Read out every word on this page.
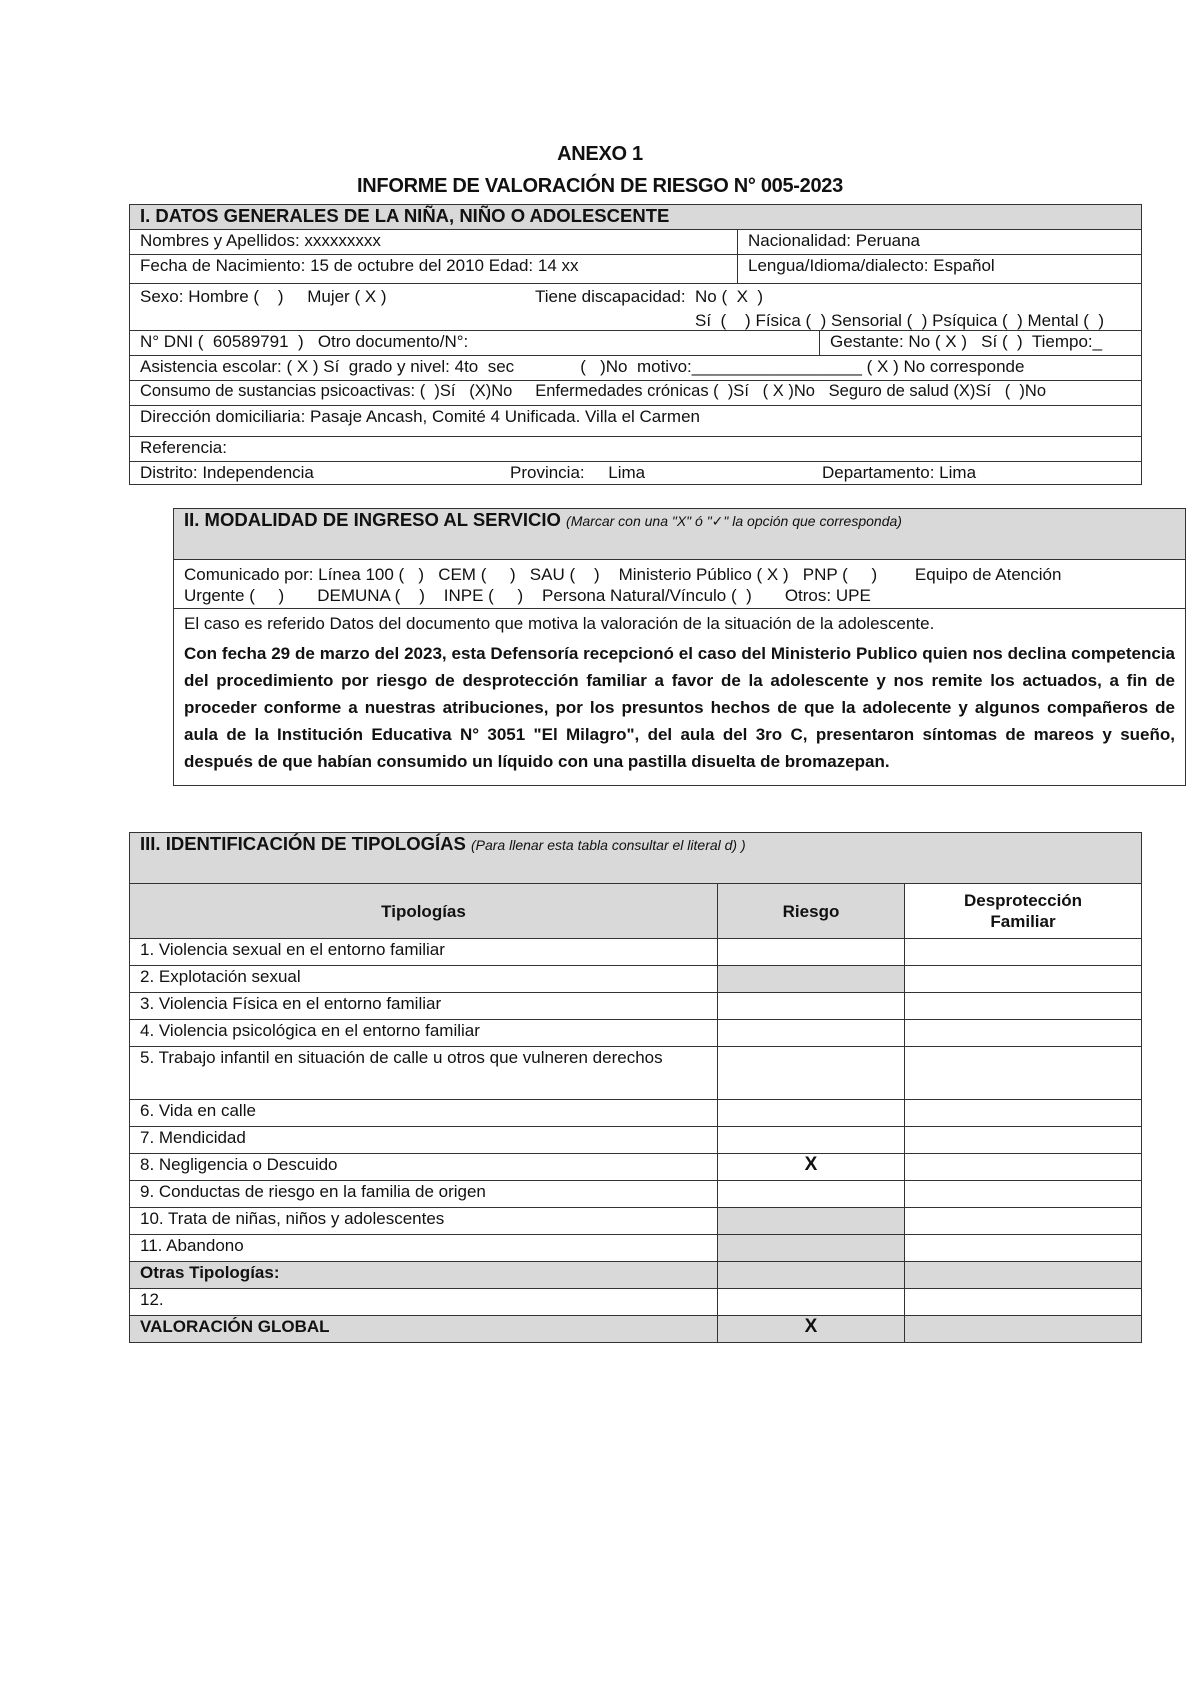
ANEXO 1
INFORME DE VALORACIÓN DE RIESGO N° 005-2023
I. DATOS GENERALES DE LA NIÑA, NIÑO O ADOLESCENTE		
Nombres y Apellidos: xxxxxxxxx	Nacionalidad: Peruana	
Fecha de Nacimiento: 15 de octubre del 2010 Edad: 14 xx	Lengua/Idioma/dialecto: Español	

Sexo: Hombre (    )     Mujer ( X ) Tiene discapacidad:  No (  X  )
Sí  (    ) Física (  ) Sensorial (  ) Psíquica (  ) Mental (  )		

N° DNI (  60589791  )   Otro documento/N°:		Gestante: No ( X )   Sí (  )  Tiempo:_
Asistencia escolar: ( X ) Sí  grado y nivel: 4to  sec              (   )No  motivo:__________________ ( X ) No corresponde		
Consumo de sustancias psicoactivas: (  )Sí   (X)No     Enfermedades crónicas (  )Sí   ( X )No   Seguro de salud (X)Sí   (  )No		
Dirección domiciliaria: Pasaje Ancash, Comité 4 Unificada. Villa el Carmen		
Referencia:		

Distrito: Independencia Provincia:     Lima Departamento: Lima		
II. MODALIDAD DE INGRESO AL SERVICIO (Marcar con una "X" ó "✓" la opción que corresponda)

Comunicado por: Línea 100 (   )   CEM (     )   SAU (    )    Ministerio Público ( X )   PNP (     )        Equipo de Atención
Urgente (     )       DEMUNA (    )    INPE (     )    Persona Natural/Vínculo (  )       Otros: UPE

El caso es referido Datos del documento que motiva la valoración de la situación de la adolescente.
Con fecha 29 de marzo del 2023, esta Defensoría recepcionó el caso del Ministerio Publico quien nos declina competencia del procedimiento por riesgo de desprotección familiar a favor de la adolescente y nos remite los actuados, a fin de proceder conforme a nuestras atribuciones, por los presuntos hechos de que la adolecente y algunos compañeros de aula de la Institución Educativa N° 3051 "El Milagro", del aula del 3ro C, presentaron síntomas de mareos y sueño, después de que habían consumido un líquido con una pastilla disuelta de bromazepan.
III. IDENTIFICACIÓN DE TIPOLOGÍAS (Para llenar esta tabla consultar el literal d) )		
Tipologías	Riesgo	Desprotección Familiar
1. Violencia sexual en el entorno familiar		
2. Explotación sexual		
3. Violencia Física en el entorno familiar		
4. Violencia psicológica en el entorno familiar		
5. Trabajo infantil en situación de calle u otros que vulneren derechos		
6. Vida en calle		
7. Mendicidad		
8. Negligencia o Descuido	X	
9. Conductas de riesgo en la familia de origen		
10. Trata de niñas, niños y adolescentes		
11. Abandono		
Otras Tipologías:		
12.		
VALORACIÓN GLOBAL	X	
